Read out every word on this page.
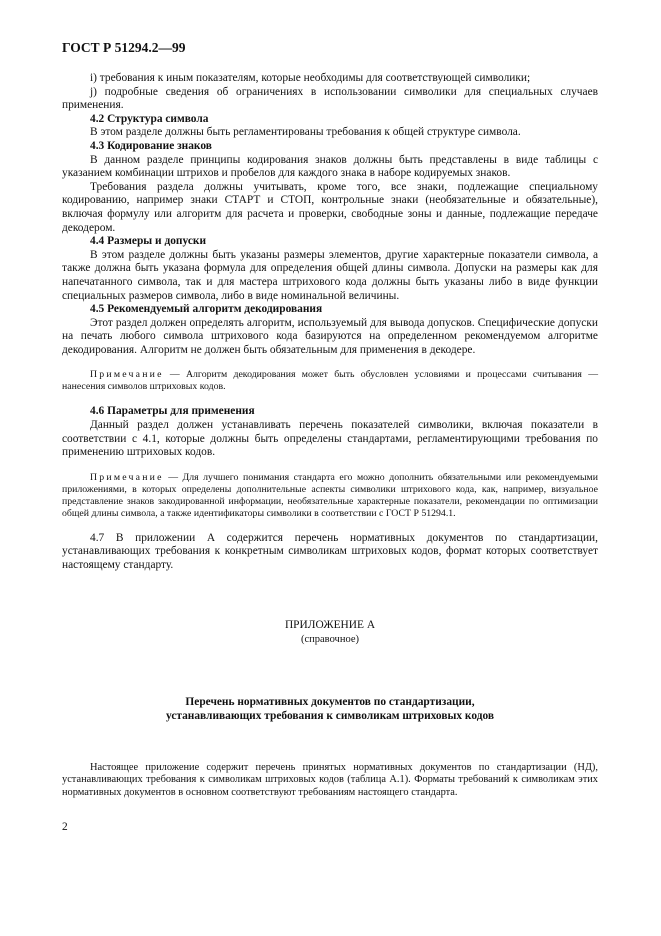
ГОСТ Р 51294.2—99

i) требования к иным показателям, которые необходимы для соответствующей символики;

j) подробные сведения об ограничениях в использовании символики для специальных случаев применения.

4.2 Структура символа

В этом разделе должны быть регламентированы требования к общей структуре символа.

4.3 Кодирование знаков

В данном разделе принципы кодирования знаков должны быть представлены в виде таблицы с указанием комбинации штрихов и пробелов для каждого знака в наборе кодируемых знаков.

Требования раздела должны учитывать, кроме того, все знаки, подлежащие специальному кодированию, например знаки СТАРТ и СТОП, контрольные знаки (необязательные и обязательные), включая формулу или алгоритм для расчета и проверки, свободные зоны и данные, подлежащие передаче декодером.

4.4 Размеры и допуски

В этом разделе должны быть указаны размеры элементов, другие характерные показатели символа, а также должна быть указана формула для определения общей длины символа. Допуски на размеры как для напечатанного символа, так и для мастера штрихового кода должны быть указаны либо в виде функции специальных размеров символа, либо в виде номинальной величины.

4.5 Рекомендуемый алгоритм декодирования

Этот раздел должен определять алгоритм, используемый для вывода допусков. Специфические допуски на печать любого символа штрихового кода базируются на определенном рекомендуемом алгоритме декодирования. Алгоритм не должен быть обязательным для применения в декодере.

Примечание — Алгоритм декодирования может быть обусловлен условиями и процессами считывания — нанесения символов штриховых кодов.

4.6 Параметры для применения

Данный раздел должен устанавливать перечень показателей символики, включая показатели в соответствии с 4.1, которые должны быть определены стандартами, регламентирующими требования по применению штриховых кодов.

Примечание — Для лучшего понимания стандарта его можно дополнить обязательными или рекомендуемыми приложениями, в которых определены дополнительные аспекты символики штрихового кода, как, например, визуальное представление знаков закодированной информации, необязательные характерные показатели, рекомендации по оптимизации общей длины символа, а также идентификаторы символики в соответствии с ГОСТ Р 51294.1.

4.7 В приложении А содержится перечень нормативных документов по стандартизации, устанавливающих требования к конкретным символикам штриховых кодов, формат которых соответствует настоящему стандарту.

ПРИЛОЖЕНИЕ А
(справочное)
Перечень нормативных документов по стандартизации,
устанавливающих требования к символикам штриховых кодов

Настоящее приложение содержит перечень принятых нормативных документов по стандартизации (НД), устанавливающих требования к символикам штриховых кодов (таблица А.1). Форматы требований к символикам этих нормативных документов в основном соответствуют требованиям настоящего стандарта.

2
